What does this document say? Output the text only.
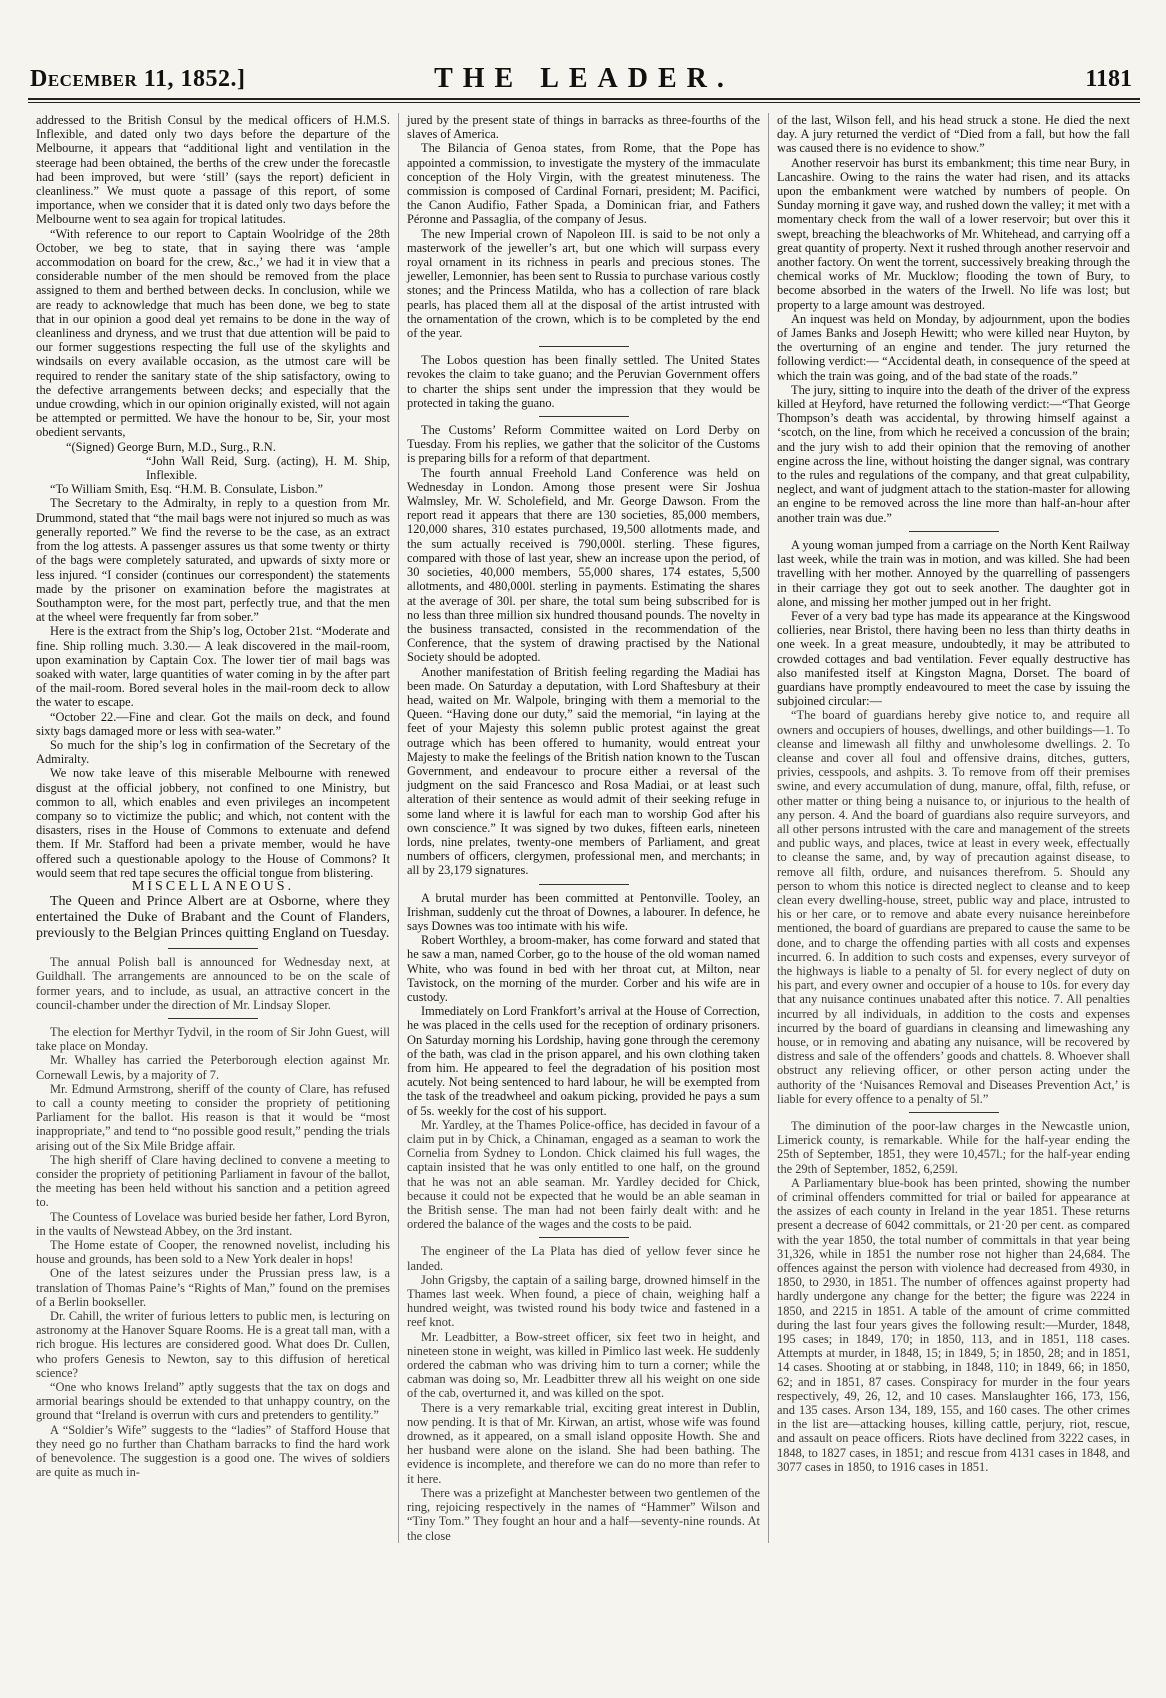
December 11, 1852.]	THE LEADER.	1181

addressed to the British Consul by the medical officers of H.M.S. Inflexible, and dated only two days before the departure of the Melbourne, it appears that “additional light and ventilation in the steerage had been obtained, the berths of the crew under the forecastle had been improved, but were ‘still’ (says the report) deficient in cleanliness.” We must quote a passage of this report, of some importance, when we consider that it is dated only two days before the Melbourne went to sea again for tropical latitudes.

“With reference to our report to Captain Woolridge of the 28th October, we beg to state, that in saying there was ‘ample accommodation on board for the crew, &c.,’ we had it in view that a considerable number of the men should be removed from the place assigned to them and berthed between decks. In conclusion, while we are ready to acknowledge that much has been done, we beg to state that in our opinion a good deal yet remains to be done in the way of cleanliness and dryness, and we trust that due attention will be paid to our former suggestions respecting the full use of the skylights and windsails on every available occasion, as the utmost care will be required to render the sanitary state of the ship satisfactory, owing to the defective arrangements between decks; and especially that the undue crowding, which in our opinion originally existed, will not again be attempted or permitted. We have the honour to be, Sir, your most obedient servants,

“(Signed) George Burn, M.D., Surg., R.N.

“John Wall Reid, Surg. (acting), H. M. Ship, Inflexible.

“To William Smith, Esq. “H.M. B. Consulate, Lisbon.”

The Secretary to the Admiralty, in reply to a question from Mr. Drummond, stated that “the mail bags were not injured so much as was generally reported.” We find the reverse to be the case, as an extract from the log attests. A passenger assures us that some twenty or thirty of the bags were completely saturated, and upwards of sixty more or less injured. “I consider (continues our correspondent) the statements made by the prisoner on examination before the magistrates at Southampton were, for the most part, perfectly true, and that the men at the wheel were frequently far from sober.”

Here is the extract from the Ship’s log, October 21st. “Moderate and fine. Ship rolling much. 3.30.— A leak discovered in the mail-room, upon examination by Captain Cox. The lower tier of mail bags was soaked with water, large quantities of water coming in by the after part of the mail-room. Bored several holes in the mail-room deck to allow the water to escape.

“October 22.—Fine and clear. Got the mails on deck, and found sixty bags damaged more or less with sea-water.”

So much for the ship’s log in confirmation of the Secretary of the Admiralty.

We now take leave of this miserable Melbourne with renewed disgust at the official jobbery, not confined to one Ministry, but common to all, which enables and even privileges an incompetent company so to victimize the public; and which, not content with the disasters, rises in the House of Commons to extenuate and defend them. If Mr. Stafford had been a private member, would he have offered such a questionable apology to the House of Commons? It would seem that red tape secures the official tongue from blistering.

MISCELLANEOUS.

The Queen and Prince Albert are at Osborne, where they entertained the Duke of Brabant and the Count of Flanders, previously to the Belgian Princes quitting England on Tuesday.

The annual Polish ball is announced for Wednesday next, at Guildhall. The arrangements are announced to be on the scale of former years, and to include, as usual, an attractive concert in the council-chamber under the direction of Mr. Lindsay Sloper.

The election for Merthyr Tydvil, in the room of Sir John Guest, will take place on Monday.

Mr. Whalley has carried the Peterborough election against Mr. Cornewall Lewis, by a majority of 7.

Mr. Edmund Armstrong, sheriff of the county of Clare, has refused to call a county meeting to consider the propriety of petitioning Parliament for the ballot. His reason is that it would be “most inappropriate,” and tend to “no possible good result,” pending the trials arising out of the Six Mile Bridge affair.

The high sheriff of Clare having declined to convene a meeting to consider the propriety of petitioning Parliament in favour of the ballot, the meeting has been held without his sanction and a petition agreed to.

The Countess of Lovelace was buried beside her father, Lord Byron, in the vaults of Newstead Abbey, on the 3rd instant.

The Home estate of Cooper, the renowned novelist, including his house and grounds, has been sold to a New York dealer in hops!

One of the latest seizures under the Prussian press law, is a translation of Thomas Paine’s “Rights of Man,” found on the premises of a Berlin bookseller.

Dr. Cahill, the writer of furious letters to public men, is lecturing on astronomy at the Hanover Square Rooms. He is a great tall man, with a rich brogue. His lectures are considered good. What does Dr. Cullen, who profers Genesis to Newton, say to this diffusion of heretical science?

“One who knows Ireland” aptly suggests that the tax on dogs and armorial bearings should be extended to that unhappy country, on the ground that “Ireland is overrun with curs and pretenders to gentility.”

A “Soldier’s Wife” suggests to the “ladies” of Stafford House that they need go no further than Chatham barracks to find the hard work of benevolence. The suggestion is a good one. The wives of soldiers are quite as much in-

jured by the present state of things in barracks as three-fourths of the slaves of America.

The Bilancia of Genoa states, from Rome, that the Pope has appointed a commission, to investigate the mystery of the immaculate conception of the Holy Virgin, with the greatest minuteness. The commission is composed of Cardinal Fornari, president; M. Pacifici, the Canon Audifio, Father Spada, a Dominican friar, and Fathers Péronne and Passaglia, of the company of Jesus.

The new Imperial crown of Napoleon III. is said to be not only a masterwork of the jeweller’s art, but one which will surpass every royal ornament in its richness in pearls and precious stones. The jeweller, Lemonnier, has been sent to Russia to purchase various costly stones; and the Princess Matilda, who has a collection of rare black pearls, has placed them all at the disposal of the artist intrusted with the ornamentation of the crown, which is to be completed by the end of the year.

The Lobos question has been finally settled. The United States revokes the claim to take guano; and the Peruvian Government offers to charter the ships sent under the impression that they would be protected in taking the guano.

The Customs’ Reform Committee waited on Lord Derby on Tuesday. From his replies, we gather that the solicitor of the Customs is preparing bills for a reform of that department.

The fourth annual Freehold Land Conference was held on Wednesday in London. Among those present were Sir Joshua Walmsley, Mr. W. Scholefield, and Mr. George Dawson. From the report read it appears that there are 130 societies, 85,000 members, 120,000 shares, 310 estates purchased, 19,500 allotments made, and the sum actually received is 790,000l. sterling. These figures, compared with those of last year, shew an increase upon the period, of 30 societies, 40,000 members, 55,000 shares, 174 estates, 5,500 allotments, and 480,000l. sterling in payments. Estimating the shares at the average of 30l. per share, the total sum being subscribed for is no less than three million six hundred thousand pounds. The novelty in the business transacted, consisted in the recommendation of the Conference, that the system of drawing practised by the National Society should be adopted.

Another manifestation of British feeling regarding the Madiai has been made. On Saturday a deputation, with Lord Shaftesbury at their head, waited on Mr. Walpole, bringing with them a memorial to the Queen. “Having done our duty,” said the memorial, “in laying at the feet of your Majesty this solemn public protest against the great outrage which has been offered to humanity, would entreat your Majesty to make the feelings of the British nation known to the Tuscan Government, and endeavour to procure either a reversal of the judgment on the said Francesco and Rosa Madiai, or at least such alteration of their sentence as would admit of their seeking refuge in some land where it is lawful for each man to worship God after his own conscience.” It was signed by two dukes, fifteen earls, nineteen lords, nine prelates, twenty-one members of Parliament, and great numbers of officers, clergymen, professional men, and merchants; in all by 23,179 signatures.

A brutal murder has been committed at Pentonville. Tooley, an Irishman, suddenly cut the throat of Downes, a labourer. In defence, he says Downes was too intimate with his wife.

Robert Worthley, a broom-maker, has come forward and stated that he saw a man, named Corber, go to the house of the old woman named White, who was found in bed with her throat cut, at Milton, near Tavistock, on the morning of the murder. Corber and his wife are in custody.

Immediately on Lord Frankfort’s arrival at the House of Correction, he was placed in the cells used for the reception of ordinary prisoners. On Saturday morning his Lordship, having gone through the ceremony of the bath, was clad in the prison apparel, and his own clothing taken from him. He appeared to feel the degradation of his position most acutely. Not being sentenced to hard labour, he will be exempted from the task of the treadwheel and oakum picking, provided he pays a sum of 5s. weekly for the cost of his support.

Mr. Yardley, at the Thames Police-office, has decided in favour of a claim put in by Chick, a Chinaman, engaged as a seaman to work the Cornelia from Sydney to London. Chick claimed his full wages, the captain insisted that he was only entitled to one half, on the ground that he was not an able seaman. Mr. Yardley decided for Chick, because it could not be expected that he would be an able seaman in the British sense. The man had not been fairly dealt with: and he ordered the balance of the wages and the costs to be paid.

The engineer of the La Plata has died of yellow fever since he landed.

John Grigsby, the captain of a sailing barge, drowned himself in the Thames last week. When found, a piece of chain, weighing half a hundred weight, was twisted round his body twice and fastened in a reef knot.

Mr. Leadbitter, a Bow-street officer, six feet two in height, and nineteen stone in weight, was killed in Pimlico last week. He suddenly ordered the cabman who was driving him to turn a corner; while the cabman was doing so, Mr. Leadbitter threw all his weight on one side of the cab, overturned it, and was killed on the spot.

There is a very remarkable trial, exciting great interest in Dublin, now pending. It is that of Mr. Kirwan, an artist, whose wife was found drowned, as it appeared, on a small island opposite Howth. She and her husband were alone on the island. She had been bathing. The evidence is incomplete, and therefore we can do no more than refer to it here.

There was a prizefight at Manchester between two gentlemen of the ring, rejoicing respectively in the names of “Hammer” Wilson and “Tiny Tom.” They fought an hour and a half—seventy-nine rounds. At the close

of the last, Wilson fell, and his head struck a stone. He died the next day. A jury returned the verdict of “Died from a fall, but how the fall was caused there is no evidence to show.”

Another reservoir has burst its embankment; this time near Bury, in Lancashire. Owing to the rains the water had risen, and its attacks upon the embankment were watched by numbers of people. On Sunday morning it gave way, and rushed down the valley; it met with a momentary check from the wall of a lower reservoir; but over this it swept, breaching the bleachworks of Mr. Whitehead, and carrying off a great quantity of property. Next it rushed through another reservoir and another factory. On went the torrent, successively breaking through the chemical works of Mr. Mucklow; flooding the town of Bury, to become absorbed in the waters of the Irwell. No life was lost; but property to a large amount was destroyed.

An inquest was held on Monday, by adjournment, upon the bodies of James Banks and Joseph Hewitt; who were killed near Huyton, by the overturning of an engine and tender. The jury returned the following verdict:— “Accidental death, in consequence of the speed at which the train was going, and of the bad state of the roads.”

The jury, sitting to inquire into the death of the driver of the express killed at Heyford, have returned the following verdict:—“That George Thompson’s death was accidental, by throwing himself against a ‘scotch, on the line, from which he received a concussion of the brain; and the jury wish to add their opinion that the removing of another engine across the line, without hoisting the danger signal, was contrary to the rules and regulations of the company, and that great culpability, neglect, and want of judgment attach to the station-master for allowing an engine to be removed across the line more than half-an-hour after another train was due.”

A young woman jumped from a carriage on the North Kent Railway last week, while the train was in motion, and was killed. She had been travelling with her mother. Annoyed by the quarrelling of passengers in their carriage they got out to seek another. The daughter got in alone, and missing her mother jumped out in her fright.

Fever of a very bad type has made its appearance at the Kingswood collieries, near Bristol, there having been no less than thirty deaths in one week. In a great measure, undoubtedly, it may be attributed to crowded cottages and bad ventilation. Fever equally destructive has also manifested itself at Kingston Magna, Dorset. The board of guardians have promptly endeavoured to meet the case by issuing the subjoined circular:—

“The board of guardians hereby give notice to, and require all owners and occupiers of houses, dwellings, and other buildings—1. To cleanse and limewash all filthy and unwholesome dwellings. 2. To cleanse and cover all foul and offensive drains, ditches, gutters, privies, cesspools, and ashpits. 3. To remove from off their premises swine, and every accumulation of dung, manure, offal, filth, refuse, or other matter or thing being a nuisance to, or injurious to the health of any person. 4. And the board of guardians also require surveyors, and all other persons intrusted with the care and management of the streets and public ways, and places, twice at least in every week, effectually to cleanse the same, and, by way of precaution against disease, to remove all filth, ordure, and nuisances therefrom. 5. Should any person to whom this notice is directed neglect to cleanse and to keep clean every dwelling-house, street, public way and place, intrusted to his or her care, or to remove and abate every nuisance hereinbefore mentioned, the board of guardians are prepared to cause the same to be done, and to charge the offending parties with all costs and expenses incurred. 6. In addition to such costs and expenses, every surveyor of the highways is liable to a penalty of 5l. for every neglect of duty on his part, and every owner and occupier of a house to 10s. for every day that any nuisance continues unabated after this notice. 7. All penalties incurred by all individuals, in addition to the costs and expenses incurred by the board of guardians in cleansing and limewashing any house, or in removing and abating any nuisance, will be recovered by distress and sale of the offenders’ goods and chattels. 8. Whoever shall obstruct any relieving officer, or other person acting under the authority of the ‘Nuisances Removal and Diseases Prevention Act,’ is liable for every offence to a penalty of 5l.”

The diminution of the poor-law charges in the Newcastle union, Limerick county, is remarkable. While for the half-year ending the 25th of September, 1851, they were 10,457l.; for the half-year ending the 29th of September, 1852, 6,259l.

A Parliamentary blue-book has been printed, showing the number of criminal offenders committed for trial or bailed for appearance at the assizes of each county in Ireland in the year 1851. These returns present a decrease of 6042 committals, or 21·20 per cent. as compared with the year 1850, the total number of committals in that year being 31,326, while in 1851 the number rose not higher than 24,684. The offences against the person with violence had decreased from 4930, in 1850, to 2930, in 1851. The number of offences against property had hardly undergone any change for the better; the figure was 2224 in 1850, and 2215 in 1851. A table of the amount of crime committed during the last four years gives the following result:—Murder, 1848, 195 cases; in 1849, 170; in 1850, 113, and in 1851, 118 cases. Attempts at murder, in 1848, 15; in 1849, 5; in 1850, 28; and in 1851, 14 cases. Shooting at or stabbing, in 1848, 110; in 1849, 66; in 1850, 62; and in 1851, 87 cases. Conspiracy for murder in the four years respectively, 49, 26, 12, and 10 cases. Manslaughter 166, 173, 156, and 135 cases. Arson 134, 189, 155, and 160 cases. The other crimes in the list are—attacking houses, killing cattle, perjury, riot, rescue, and assault on peace officers. Riots have declined from 3222 cases, in 1848, to 1827 cases, in 1851; and rescue from 4131 cases in 1848, and 3077 cases in 1850, to 1916 cases in 1851.
